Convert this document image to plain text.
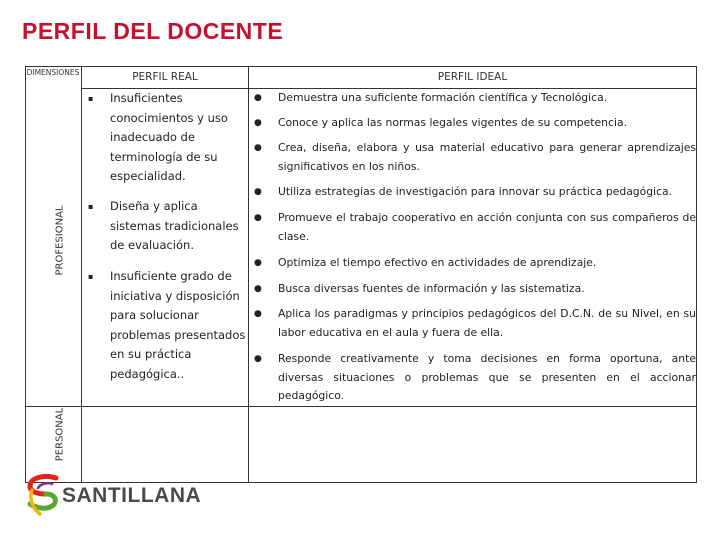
PERFIL DEL DOCENTE
DIMENSIONES	PERFIL REAL	PERFIL IDEAL
PROFESIONAL
PERSONAL
▪ Insuficientes conocimientos y uso inadecuado de terminología de su especialidad.
▪ Diseña y aplica sistemas tradicionales de evaluación.
▪ Insuficiente grado de iniciativa y disposición para solucionar problemas presentados en su práctica pedagógica..
● Demuestra una suficiente formación científica y Tecnológica.
● Conoce y aplica las normas legales vigentes de su competencia.
● Crea, diseña, elabora y usa material educativo para generar aprendizajes significativos en los niños.
● Utiliza estrategias de investigación para innovar su práctica pedagógica.
● Promueve el trabajo cooperativo en acción conjunta con sus compañeros de clase.
● Optimiza el tiempo efectivo en actividades de aprendizaje.
● Busca diversas fuentes de información y las sistematiza.
● Aplica los paradigmas y principios pedagógicos del D.C.N. de su Nivel, en su labor educativa en el aula y fuera de ella.
● Responde creativamente y toma decisiones en forma oportuna, ante diversas situaciones o problemas que se presenten en el accionar pedagógico.
SANTILLANA
